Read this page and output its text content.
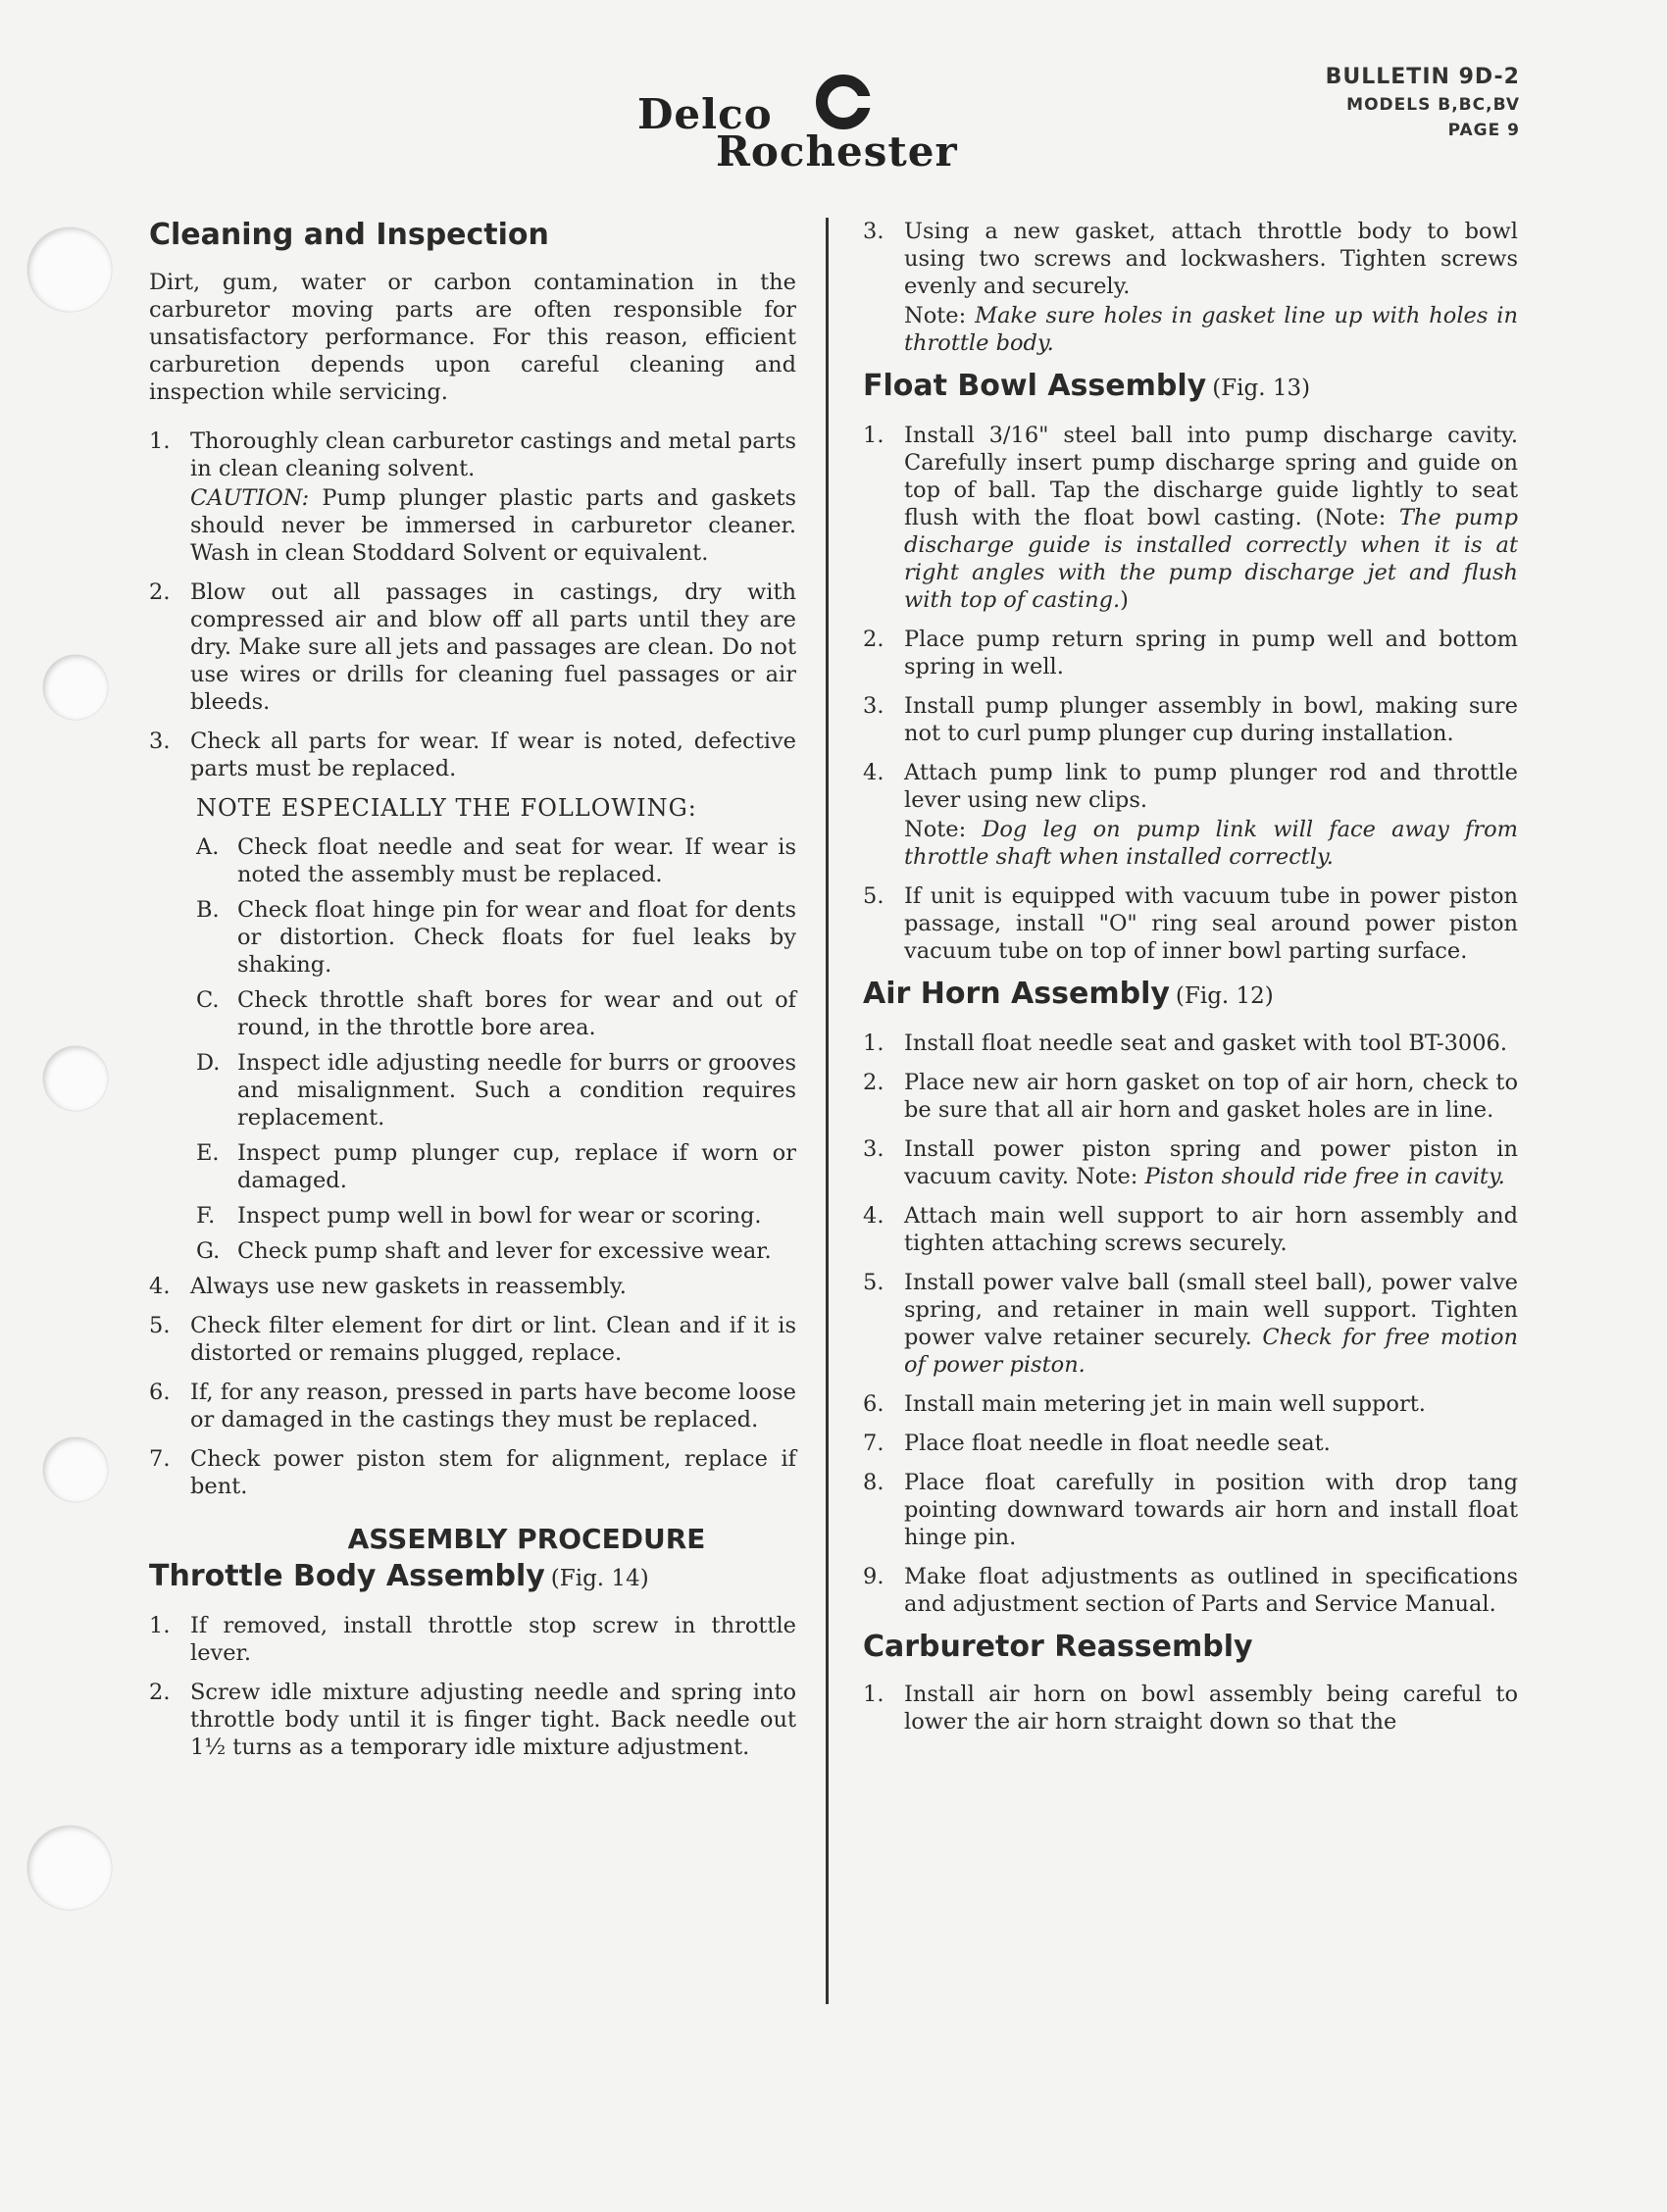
Delco
Rochester
BULLETIN 9D-2
MODELS B,BC,BV
PAGE 9
Cleaning and Inspection

Dirt, gum, water or carbon contamination in the carburetor moving parts are often responsible for unsatisfactory performance. For this reason, efficient carburetion depends upon careful cleaning and inspection while servicing.

1. Thoroughly clean carburetor castings and metal parts in clean cleaning solvent.
CAUTION: Pump plunger plastic parts and gaskets should never be immersed in carburetor cleaner. Wash in clean Stoddard Solvent or equivalent.
2. Blow out all passages in castings, dry with compressed air and blow off all parts until they are dry. Make sure all jets and passages are clean. Do not use wires or drills for cleaning fuel passages or air bleeds.
3. Check all parts for wear. If wear is noted, defective parts must be replaced.
NOTE ESPECIALLY THE FOLLOWING:
A. Check float needle and seat for wear. If wear is noted the assembly must be replaced.
B. Check float hinge pin for wear and float for dents or distortion. Check floats for fuel leaks by shaking.
C. Check throttle shaft bores for wear and out of round, in the throttle bore area.
D. Inspect idle adjusting needle for burrs or grooves and misalignment. Such a condition requires replacement.
E. Inspect pump plunger cup, replace if worn or damaged.
F. Inspect pump well in bowl for wear or scoring.
G. Check pump shaft and lever for excessive wear.
4. Always use new gaskets in reassembly.
5. Check filter element for dirt or lint. Clean and if it is distorted or remains plugged, replace.
6. If, for any reason, pressed in parts have become loose or damaged in the castings they must be replaced.
7. Check power piston stem for alignment, replace if bent.
ASSEMBLY PROCEDURE
Throttle Body Assembly (Fig. 14)
1. If removed, install throttle stop screw in throttle lever.
2. Screw idle mixture adjusting needle and spring into throttle body until it is finger tight. Back needle out 1½ turns as a temporary idle mixture adjustment.
3. Using a new gasket, attach throttle body to bowl using two screws and lockwashers. Tighten screws evenly and securely.
Note: Make sure holes in gasket line up with holes in throttle body.
Float Bowl Assembly (Fig. 13)
1. Install 3/16" steel ball into pump discharge cavity. Carefully insert pump discharge spring and guide on top of ball. Tap the discharge guide lightly to seat flush with the float bowl casting. (Note: The pump discharge guide is installed correctly when it is at right angles with the pump discharge jet and flush with top of casting.)
2. Place pump return spring in pump well and bottom spring in well.
3. Install pump plunger assembly in bowl, making sure not to curl pump plunger cup during installation.
4. Attach pump link to pump plunger rod and throttle lever using new clips.
Note: Dog leg on pump link will face away from throttle shaft when installed correctly.
5. If unit is equipped with vacuum tube in power piston passage, install "O" ring seal around power piston vacuum tube on top of inner bowl parting surface.
Air Horn Assembly (Fig. 12)
1. Install float needle seat and gasket with tool BT-3006.
2. Place new air horn gasket on top of air horn, check to be sure that all air horn and gasket holes are in line.
3. Install power piston spring and power piston in vacuum cavity. Note: Piston should ride free in cavity.
4. Attach main well support to air horn assembly and tighten attaching screws securely.
5. Install power valve ball (small steel ball), power valve spring, and retainer in main well support. Tighten power valve retainer securely. Check for free motion of power piston.
6. Install main metering jet in main well support.
7. Place float needle in float needle seat.
8. Place float carefully in position with drop tang pointing downward towards air horn and install float hinge pin.
9. Make float adjustments as outlined in specifications and adjustment section of Parts and Service Manual.
Carburetor Reassembly
1. Install air horn on bowl assembly being careful to lower the air horn straight down so that the
